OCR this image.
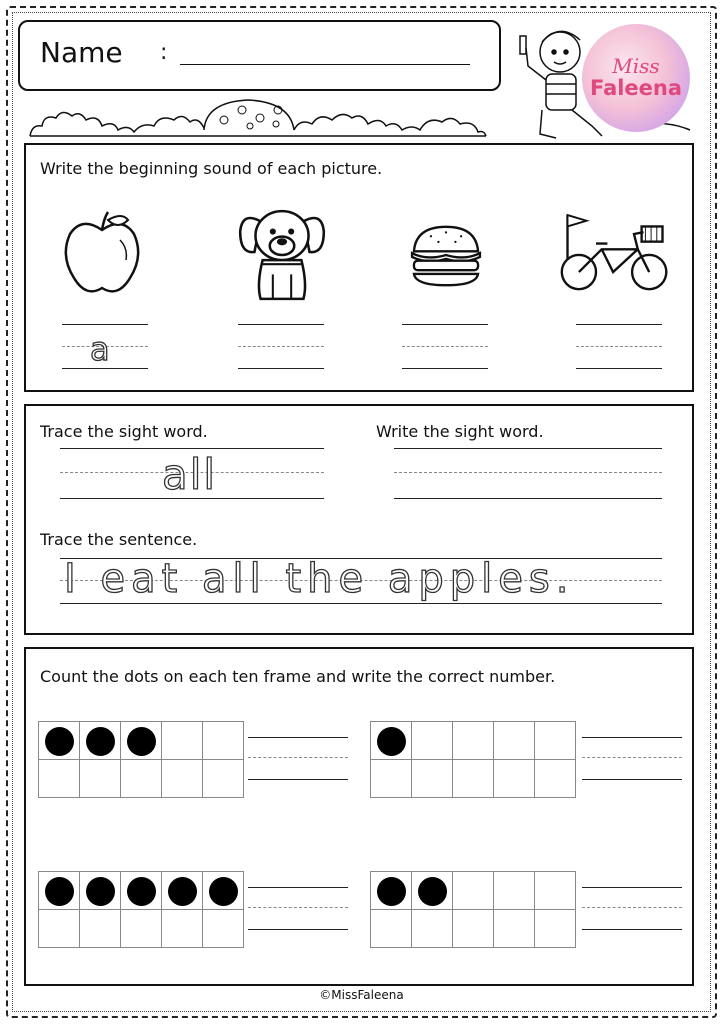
Name :
Miss
Faleena
Write the beginning sound of each picture.
a
Trace the sight word.	Write the sight word.
all
Trace the sentence.
I eat all the apples.
Count the dots on each ten frame and write the correct number.
©MissFaleena
